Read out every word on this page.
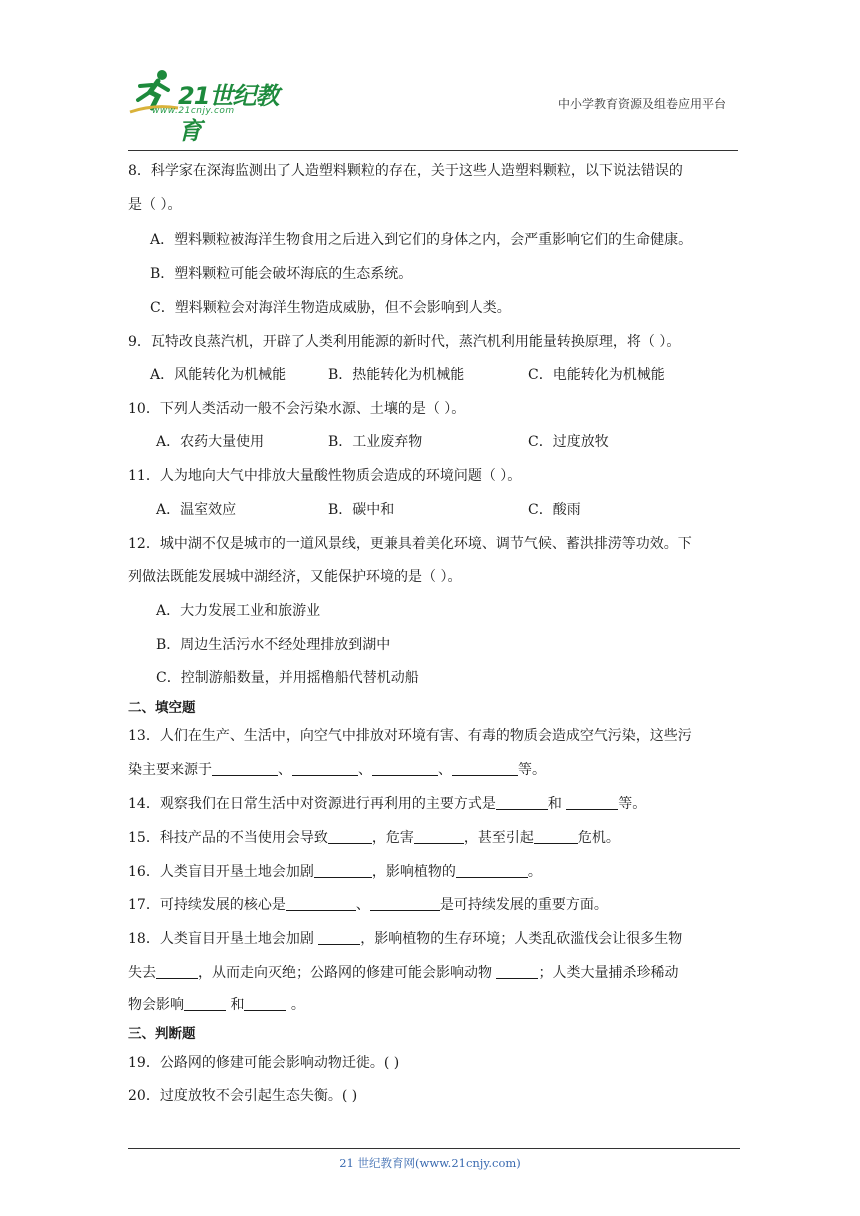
21世纪教育
www.21cnjy.com	中小学教育资源及组卷应用平台
8．科学家在深海监测出了人造塑料颗粒的存在，关于这些人造塑料颗粒，以下说法错误的
是（ ）。
A．塑料颗粒被海洋生物食用之后进入到它们的身体之内，会严重影响它们的生命健康。
B．塑料颗粒可能会破坏海底的生态系统。
C．塑料颗粒会对海洋生物造成威胁，但不会影响到人类。
9．瓦特改良蒸汽机，开辟了人类利用能源的新时代，蒸汽机利用能量转换原理，将（ ）。
A．风能转化为机械能	B．热能转化为机械能	C．电能转化为机械能
10．下列人类活动一般不会污染水源、土壤的是（ ）。
A．农药大量使用	B．工业废弃物	C．过度放牧
11．人为地向大气中排放大量酸性物质会造成的环境问题（ ）。
A．温室效应	B．碳中和	C．酸雨
12．城中湖不仅是城市的一道风景线，更兼具着美化环境、调节气候、蓄洪排涝等功效。下
列做法既能发展城中湖经济，又能保护环境的是（ ）。
A．大力发展工业和旅游业
B．周边生活污水不经处理排放到湖中
C．控制游船数量，并用摇橹船代替机动船
二、填空题
13．人们在生产、生活中，向空气中排放对环境有害、有毒的物质会造成空气污染，这些污
染主要来源于	、	、	、	等。
14．观察我们在日常生活中对资源进行再利用的主要方式是	和	等。
15．科技产品的不当使用会导致	，危害	，甚至引起	危机。
16．人类盲目开垦土地会加剧	，影响植物的	。
17．可持续发展的核心是	、	是可持续发展的重要方面。
18．人类盲目开垦土地会加剧	，影响植物的生存环境；人类乱砍滥伐会让很多生物
失去	，从而走向灭绝；公路网的修建可能会影响动物	；人类大量捕杀珍稀动
物会影响	和	。
三、判断题
19．公路网的修建可能会影响动物迁徙。( )
20．过度放牧不会引起生态失衡。( )
21 世纪教育网(www.21cnjy.com)
